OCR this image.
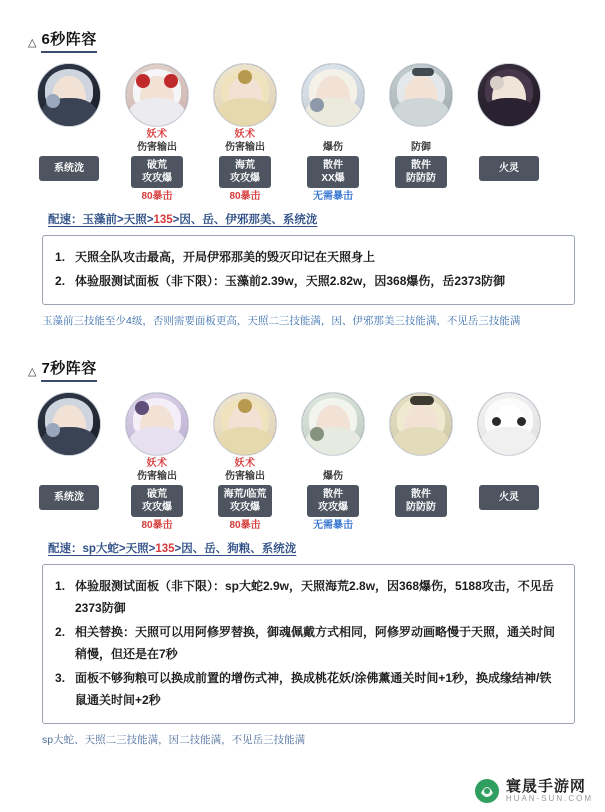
△ 6秒阵容
系统泷
妖术
伤害输出
破荒
攻攻爆
80暴击
妖术
伤害输出
海荒
攻攻爆
80暴击
爆伤
散件
XX爆
无需暴击
防御
散件
防防防
火灵
配速：玉藻前>天照>135>因、岳、伊邪那美、系统泷
天照全队攻击最高，开局伊邪那美的毁灭印记在天照身上
体验服测试面板（非下限）：玉藻前2.39w，天照2.82w，因368爆伤，岳2373防御
玉藻前三技能至少4级，否则需要面板更高，天照二三技能满，因、伊邪那美三技能满，不见岳三技能满
△ 7秒阵容
系统泷
妖术
伤害输出
破荒
攻攻爆
80暴击
妖术
伤害输出
海荒/临荒
攻攻爆
80暴击
爆伤
散件
攻攻爆
无需暴击
散件
防防防
火灵
配速：sp大蛇>天照>135>因、岳、狗粮、系统泷
体验服测试面板（非下限）：sp大蛇2.9w，天照海荒2.8w，因368爆伤，5188攻击，不见岳2373防御
相关替换：天照可以用阿修罗替换，御魂佩戴方式相同，阿修罗动画略慢于天照，通关时间稍慢，但还是在7秒
面板不够狗粮可以换成前置的增伤式神，换成桃花妖/涂佛薰通关时间+1秒，换成缘结神/铁鼠通关时间+2秒
sp大蛇、天照二三技能满，因二技能满，不见岳三技能满
寰晟手游网
HUAN-SUN.COM
